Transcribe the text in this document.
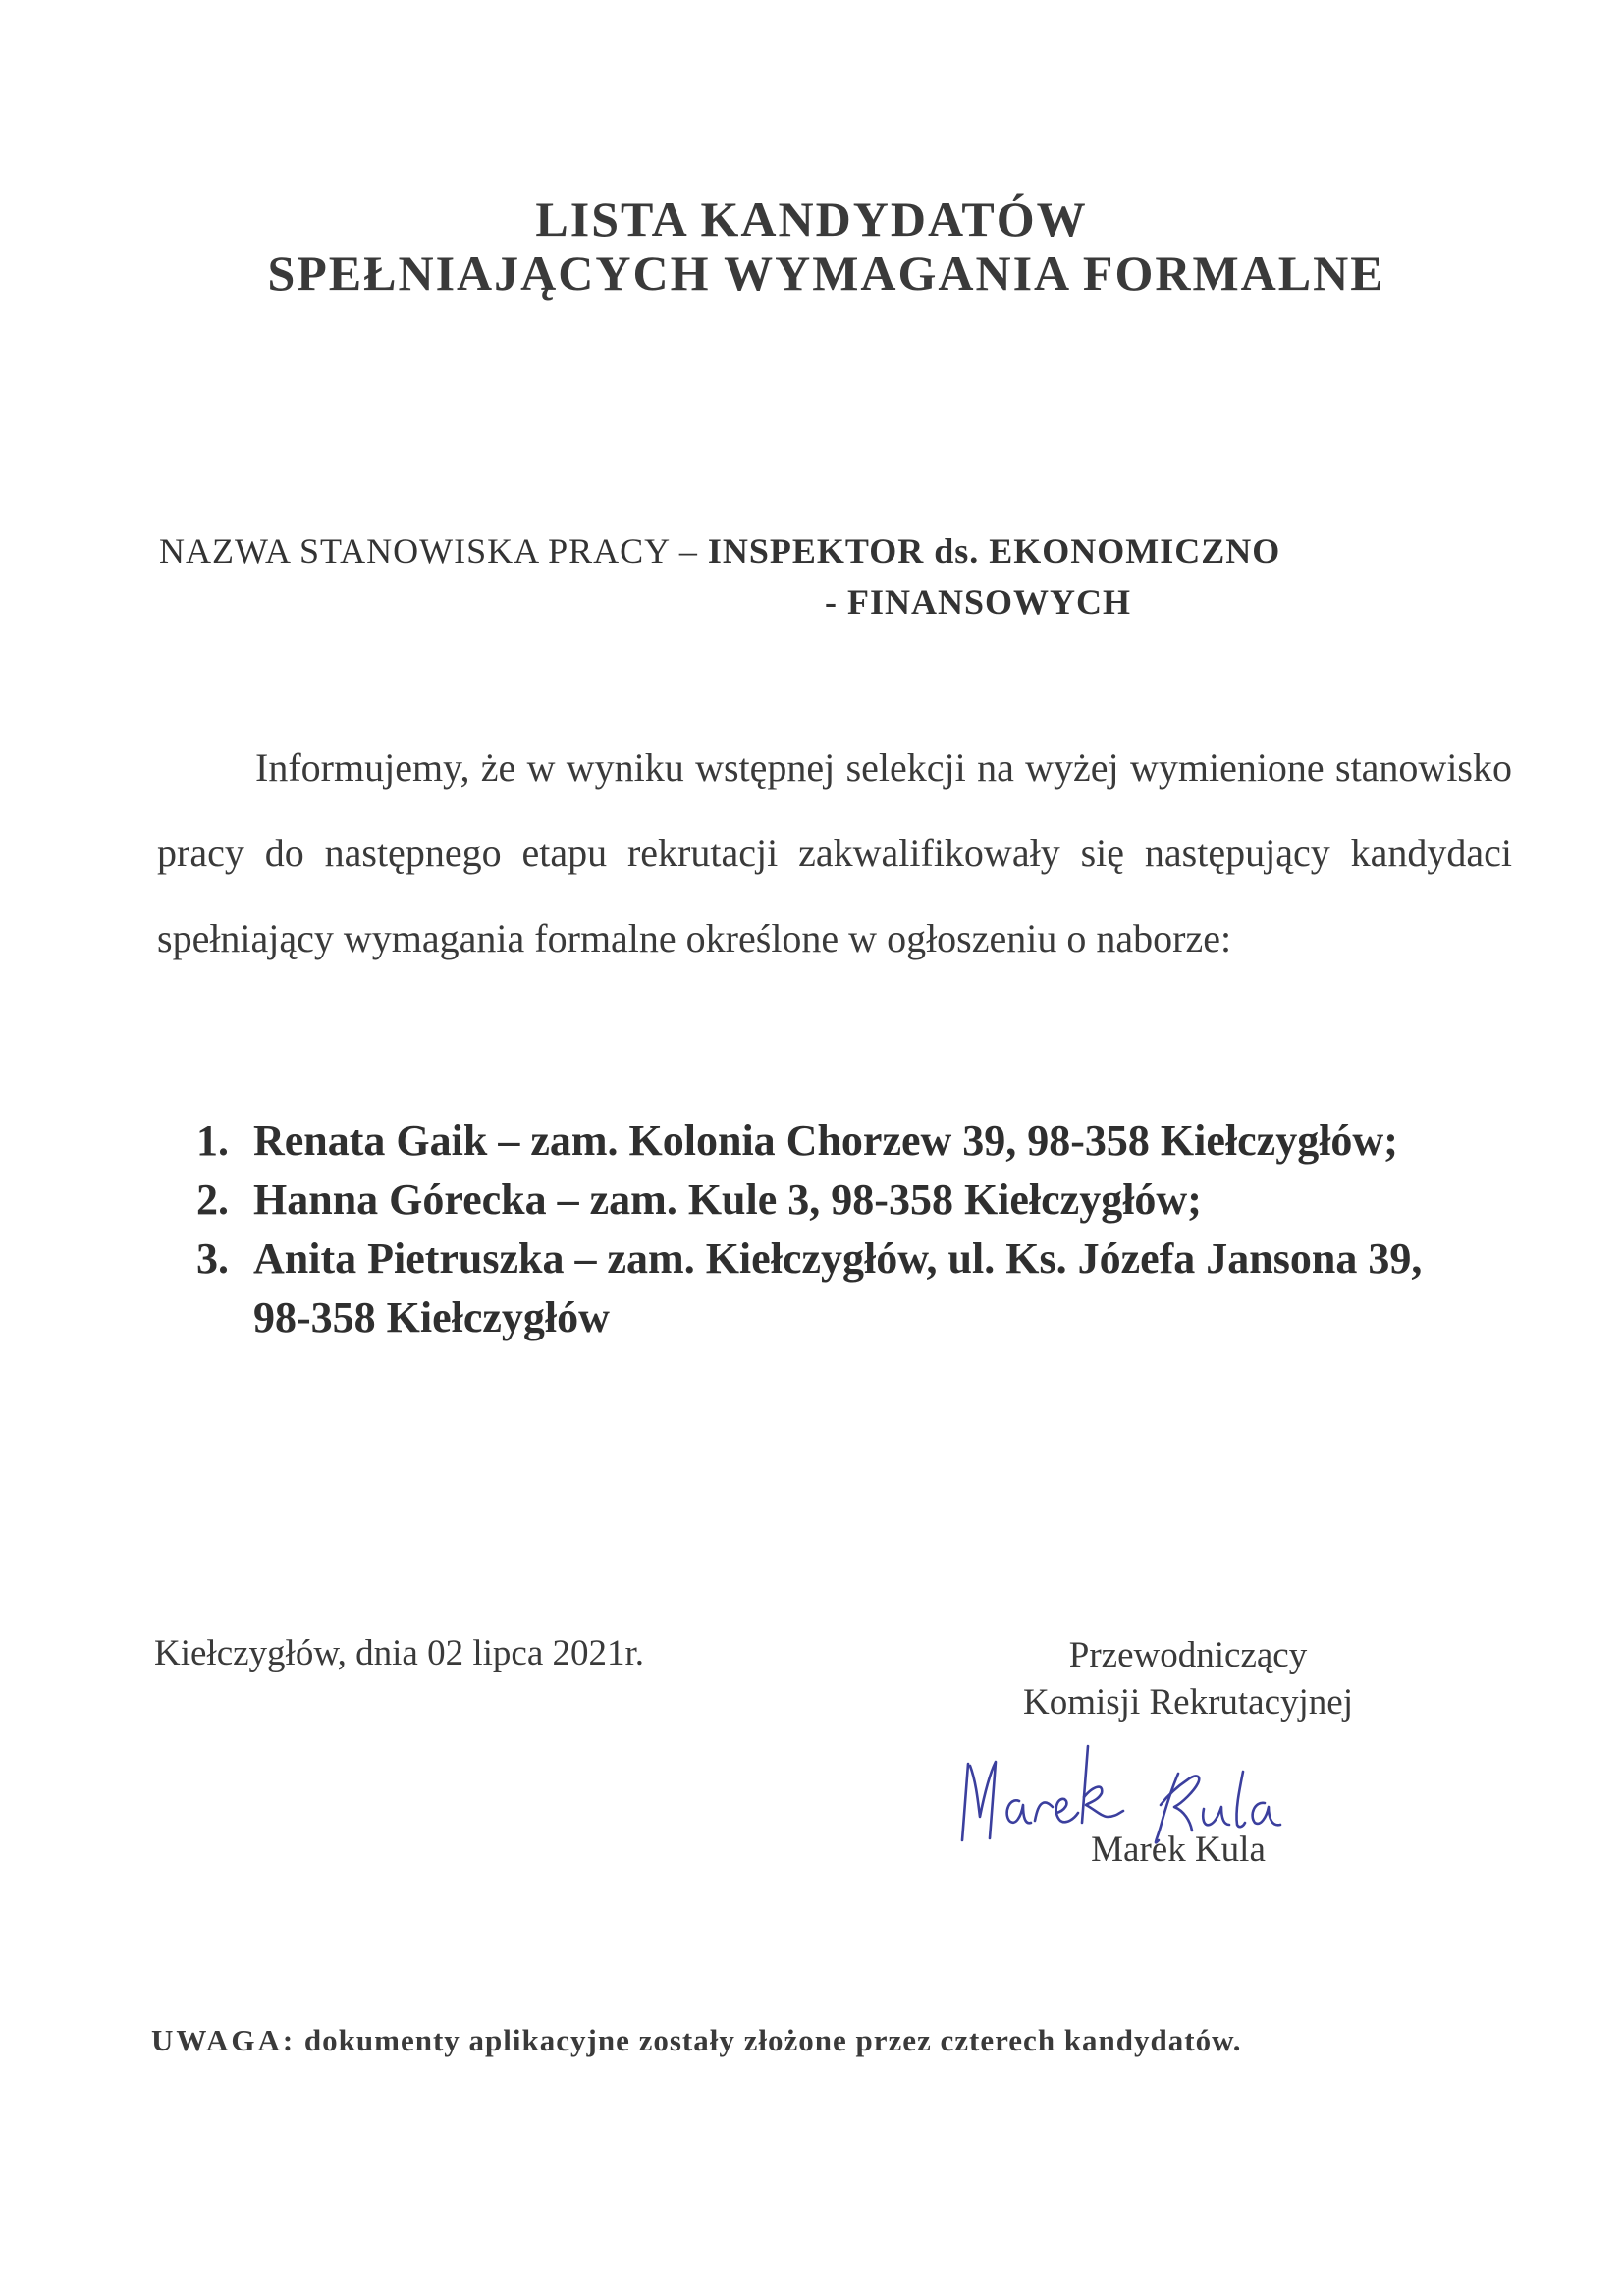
LISTA KANDYDATÓW
SPEŁNIAJĄCYCH WYMAGANIA FORMALNE
NAZWA STANOWISKA PRACY – INSPEKTOR ds. EKONOMICZNO
- FINANSOWYCH
Informujemy, że w wyniku wstępnej selekcji na wyżej wymienione stanowisko pracy do następnego etapu rekrutacji zakwalifikowały się następujący kandydaci spełniający wymagania formalne określone w ogłoszeniu o naborze:
1. Renata Gaik – zam. Kolonia Chorzew 39, 98-358 Kiełczygłów;
2. Hanna Górecka – zam. Kule 3, 98-358 Kiełczygłów;
3. Anita Pietruszka – zam. Kiełczygłów, ul. Ks. Józefa Jansona 39, 98-358 Kiełczygłów
Kiełczygłów, dnia 02 lipca 2021r.	Przewodniczący
Komisji Rekrutacyjnej
Marek Kula
UWAGA: dokumenty aplikacyjne zostały złożone przez czterech kandydatów.
